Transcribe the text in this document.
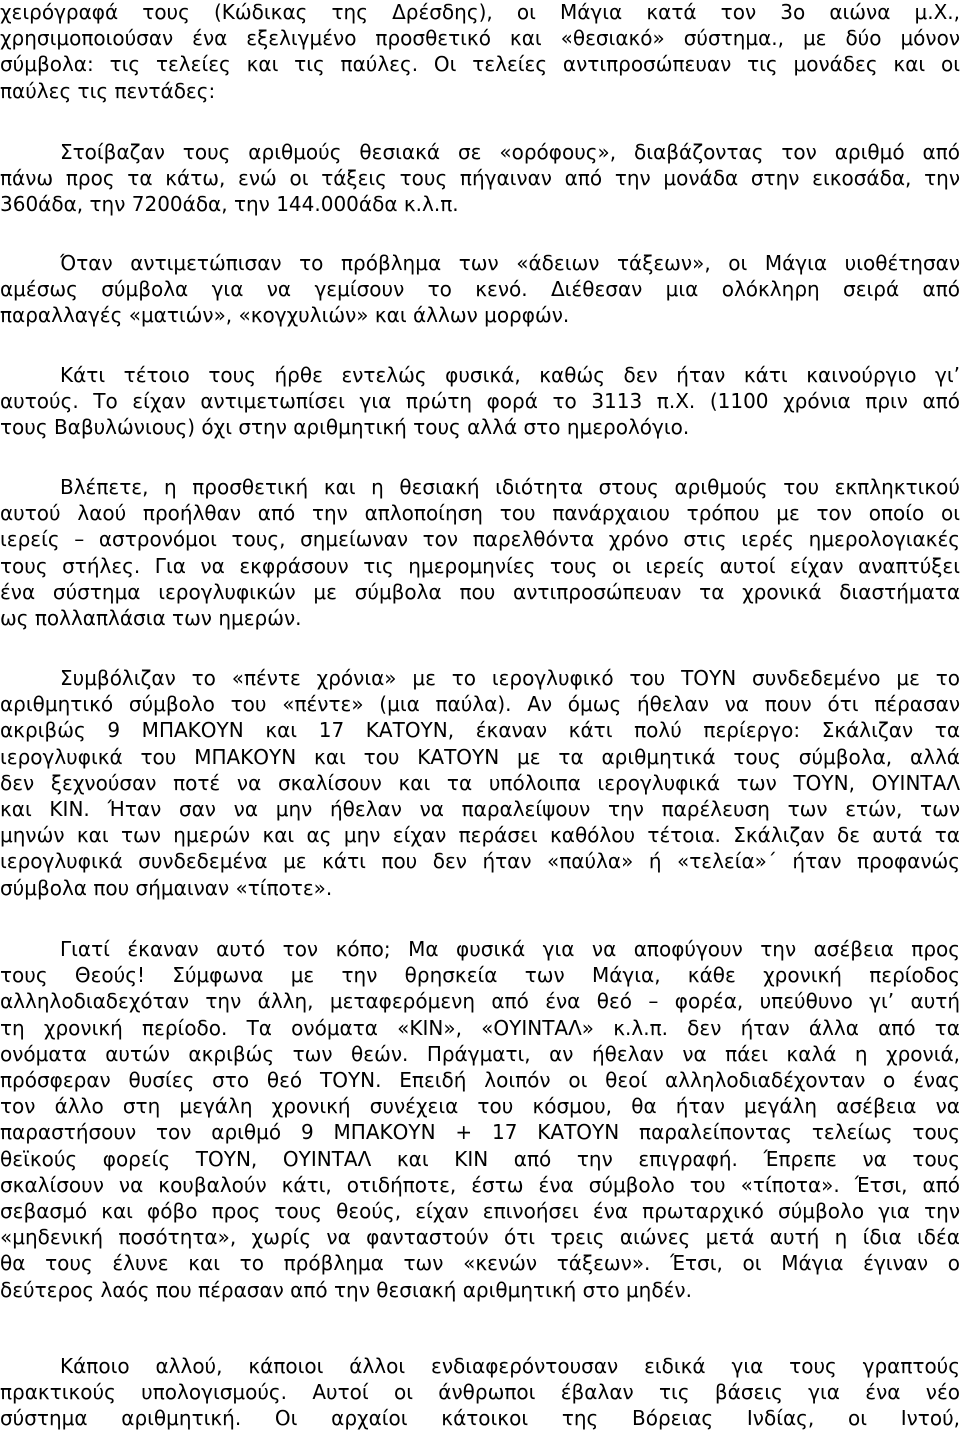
χειρόγραφά τους (Κώδικας της Δρέσδης), οι Μάγια κατά τον 3ο αιώνα μ.Χ.,
χρησιμοποιούσαν ένα εξελιγμένο προσθετικό και «θεσιακό» σύστημα., με δύο μόνον
σύμβολα: τις τελείες και τις παύλες. Οι τελείες αντιπροσώπευαν τις μονάδες και οι
παύλες τις πεντάδες:
Στοίβαζαν τους αριθμούς θεσιακά σε «ορόφους», διαβάζοντας τον αριθμό από
πάνω προς τα κάτω, ενώ οι τάξεις τους πήγαιναν από την μονάδα στην εικοσάδα, την
360άδα, την 7200άδα, την 144.000άδα κ.λ.π.
Όταν αντιμετώπισαν το πρόβλημα των «άδειων τάξεων», οι Μάγια υιοθέτησαν
αμέσως σύμβολα για να γεμίσουν το κενό. Διέθεσαν μια ολόκληρη σειρά από
παραλλαγές «ματιών», «κογχυλιών» και άλλων μορφών.
Κάτι τέτοιο τους ήρθε εντελώς φυσικά, καθώς δεν ήταν κάτι καινούργιο γι’
αυτούς. Το είχαν αντιμετωπίσει για πρώτη φορά το 3113 π.Χ. (1100 χρόνια πριν από
τους Βαβυλώνιους) όχι στην αριθμητική τους αλλά στο ημερολόγιο.
Βλέπετε, η προσθετική και η θεσιακή ιδιότητα στους αριθμούς του εκπληκτικού
αυτού λαού προήλθαν από την απλοποίηση του πανάρχαιου τρόπου με τον οποίο οι
ιερείς – αστρονόμοι τους, σημείωναν τον παρελθόντα χρόνο στις ιερές ημερολογιακές
τους στήλες. Για να εκφράσουν τις ημερομηνίες τους οι ιερείς αυτοί είχαν αναπτύξει
ένα σύστημα ιερογλυφικών με σύμβολα που αντιπροσώπευαν τα χρονικά διαστήματα
ως πολλαπλάσια των ημερών.
Συμβόλιζαν το «πέντε χρόνια» με το ιερογλυφικό του ΤΟΥΝ συνδεδεμένο με το
αριθμητικό σύμβολο του «πέντε» (μια παύλα). Αν όμως ήθελαν να πουν ότι πέρασαν
ακριβώς 9 ΜΠΑΚΟΥΝ και 17 ΚΑΤΟΥΝ, έκαναν κάτι πολύ περίεργο: Σκάλιζαν τα
ιερογλυφικά του ΜΠΑΚΟΥΝ και του ΚΑΤΟΥΝ με τα αριθμητικά τους σύμβολα, αλλά
δεν ξεχνούσαν ποτέ να σκαλίσουν και τα υπόλοιπα ιερογλυφικά των ΤΟΥΝ, ΟΥΙΝΤΑΛ
και ΚΙΝ. Ήταν σαν να μην ήθελαν να παραλείψουν την παρέλευση των ετών, των
μηνών και των ημερών και ας μην είχαν περάσει καθόλου τέτοια. Σκάλιζαν δε αυτά τα
ιερογλυφικά συνδεδεμένα με κάτι που δεν ήταν «παύλα» ή «τελεία»΄ ήταν προφανώς
σύμβολα που σήμαιναν «τίποτε».
Γιατί έκαναν αυτό τον κόπο; Μα φυσικά για να αποφύγουν την ασέβεια προς
τους Θεούς! Σύμφωνα με την θρησκεία των Μάγια, κάθε χρονική περίοδος
αλληλοδιαδεχόταν την άλλη, μεταφερόμενη από ένα θεό – φορέα, υπεύθυνο γι’ αυτή
τη χρονική περίοδο. Τα ονόματα «ΚΙΝ», «ΟΥΙΝΤΑΛ» κ.λ.π. δεν ήταν άλλα από τα
ονόματα αυτών ακριβώς των θεών. Πράγματι, αν ήθελαν να πάει καλά η χρονιά,
πρόσφεραν θυσίες στο θεό ΤΟΥΝ. Επειδή λοιπόν οι θεοί αλληλοδιαδέχονταν ο ένας
τον άλλο στη μεγάλη χρονική συνέχεια του κόσμου, θα ήταν μεγάλη ασέβεια να
παραστήσουν τον αριθμό 9 ΜΠΑΚΟΥΝ + 17 ΚΑΤΟΥΝ παραλείποντας τελείως τους
θεϊκούς φορείς ΤΟΥΝ, ΟΥΙΝΤΑΛ και ΚΙΝ από την επιγραφή. Έπρεπε να τους
σκαλίσουν να κουβαλούν κάτι, οτιδήποτε, έστω ένα σύμβολο του «τίποτα». Έτσι, από
σεβασμό και φόβο προς τους θεούς, είχαν επινοήσει ένα πρωταρχικό σύμβολο για την
«μηδενική ποσότητα», χωρίς να φανταστούν ότι τρεις αιώνες μετά αυτή η ίδια ιδέα
θα τους έλυνε και το πρόβλημα των «κενών τάξεων». Έτσι, οι Μάγια έγιναν ο
δεύτερος λαός που πέρασαν από την θεσιακή αριθμητική στο μηδέν.
Κάποιο αλλού, κάποιοι άλλοι ενδιαφερόντουσαν ειδικά για τους γραπτούς
πρακτικούς υπολογισμούς. Αυτοί οι άνθρωποι έβαλαν τις βάσεις για ένα νέο
σύστημα αριθμητική. Οι αρχαίοι κάτοικοι της Βόρειας Ινδίας, οι Ιντού,
